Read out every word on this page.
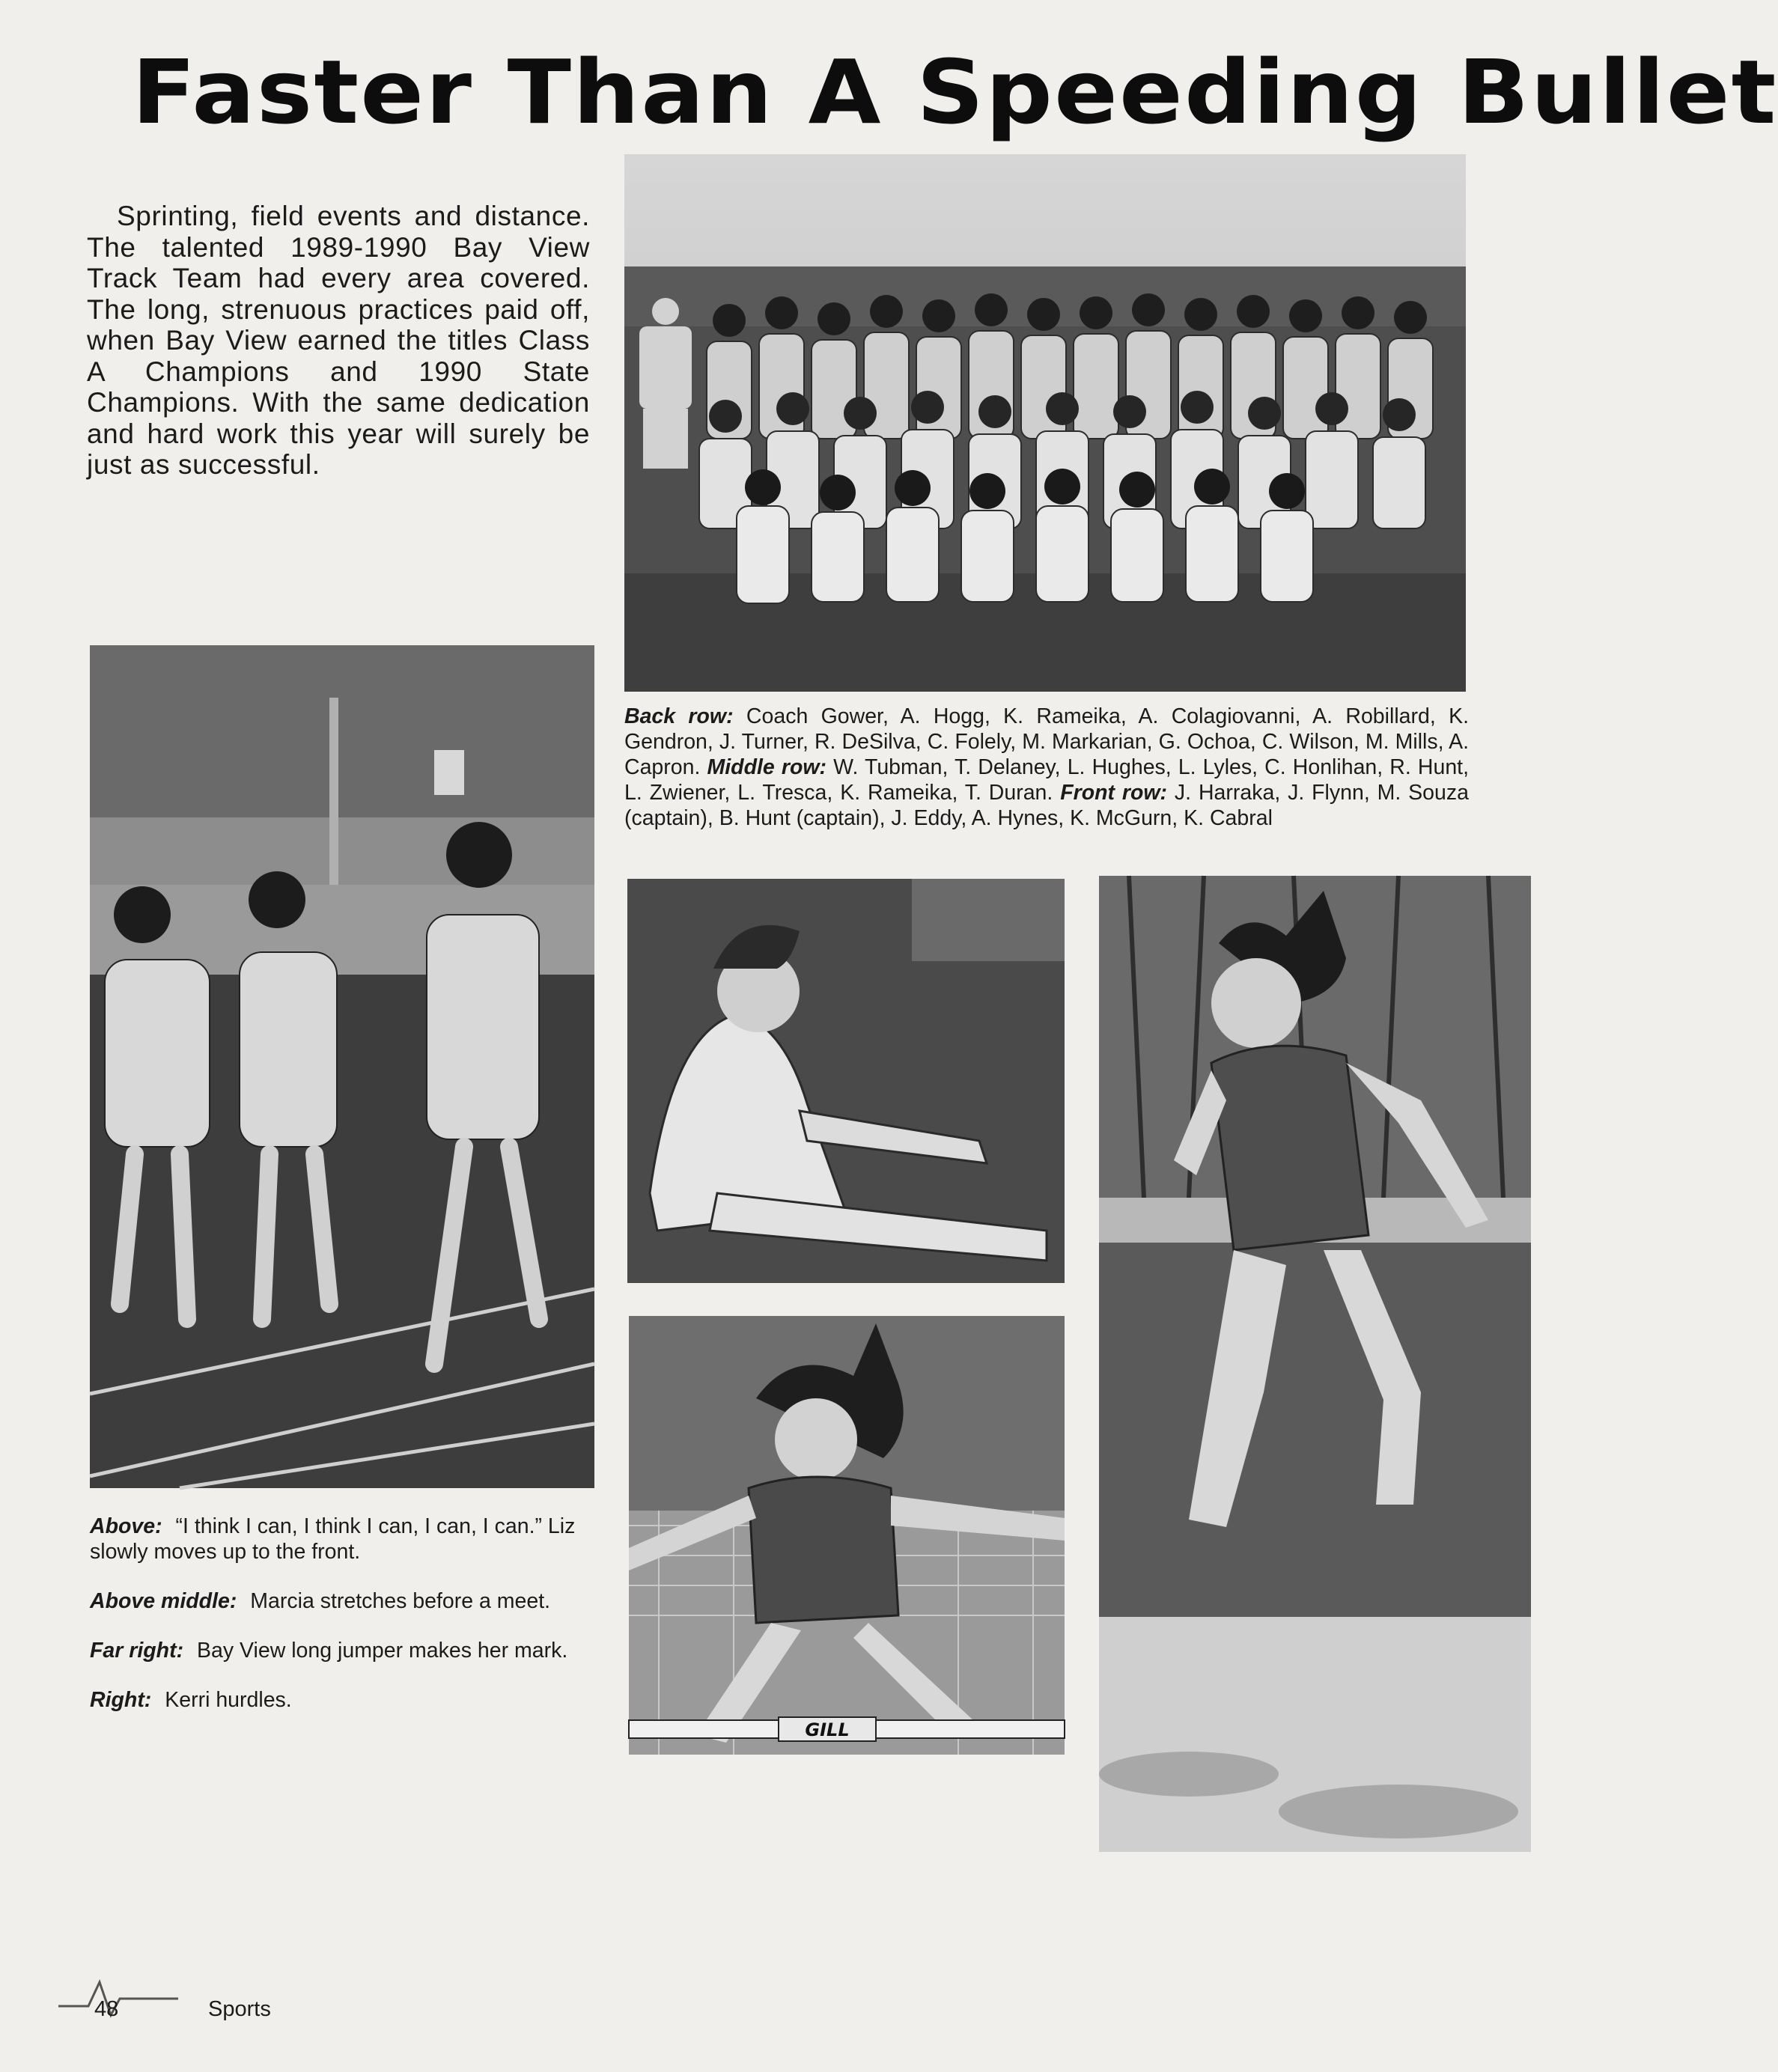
Faster Than A Speeding Bullet

Sprinting, field events and distance. The talented 1989-1990 Bay View Track Team had every area covered. The long, strenuous practices paid off, when Bay View earned the titles Class A Champions and 1990 State Champions. With the same dedication and hard work this year will surely be just as successful.

Back row: Coach Gower, A. Hogg, K. Rameika, A. Colagiovanni, A. Robillard, K. Gendron, J. Turner, R. DeSilva, C. Folely, M. Markarian, G. Ochoa, C. Wilson, M. Mills, A. Capron. Middle row: W. Tubman, T. Delaney, L. Hughes, L. Lyles, C. Honlihan, R. Hunt, L. Zwiener, L. Tresca, K. Rameika, T. Duran. Front row: J. Harraka, J. Flynn, M. Souza (captain), B. Hunt (captain), J. Eddy, A. Hynes, K. McGurn, K. Cabral

GILL

Above: “I think I can, I think I can, I can, I can.” Liz slowly moves up to the front.

Above middle: Marcia stretches before a meet.

Far right: Bay View long jumper makes her mark.

Right: Kerri hurdles.

48	Sports
